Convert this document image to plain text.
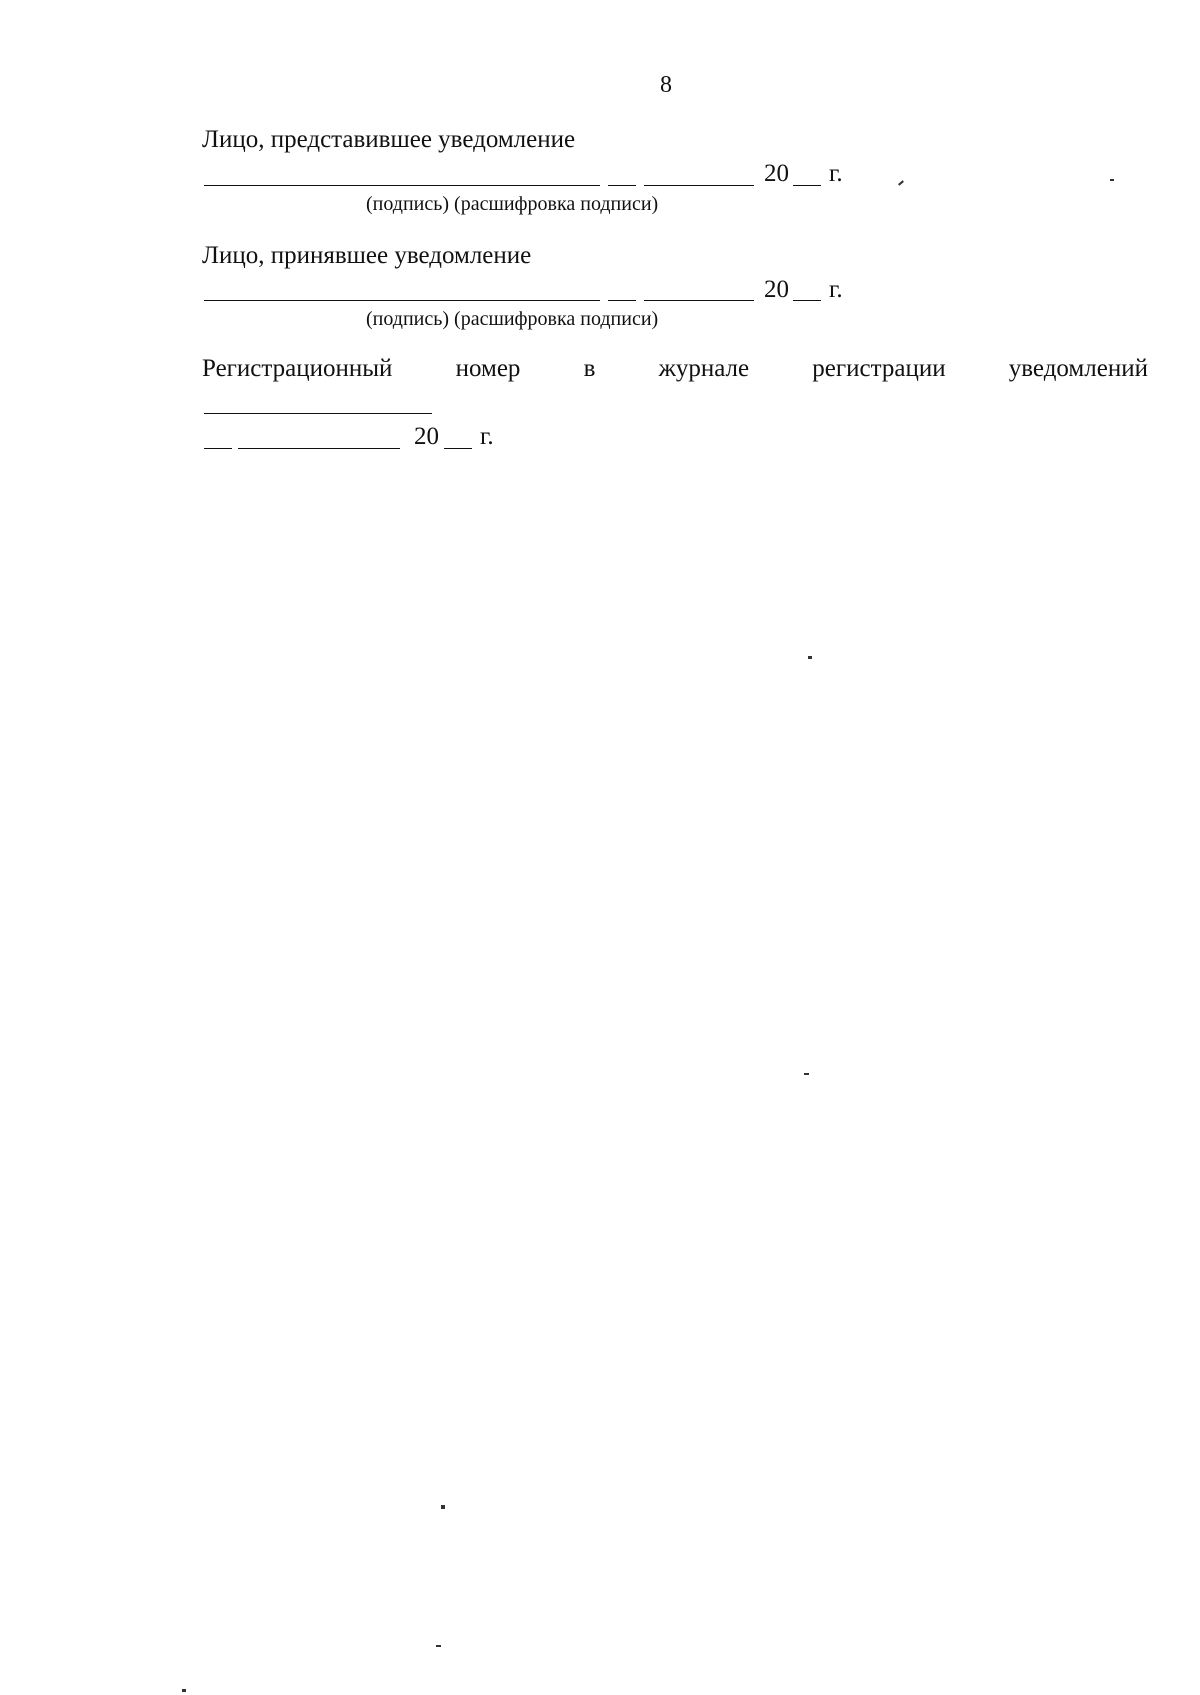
8
Лицо, представившее уведомление
20 г.
(подпись) (расшифровка подписи)
Лицо, принявшее уведомление
20 г.
(подпись) (расшифровка подписи)
Регистрационный	номер	в	журнале	регистрации	уведомлений
20 г.
